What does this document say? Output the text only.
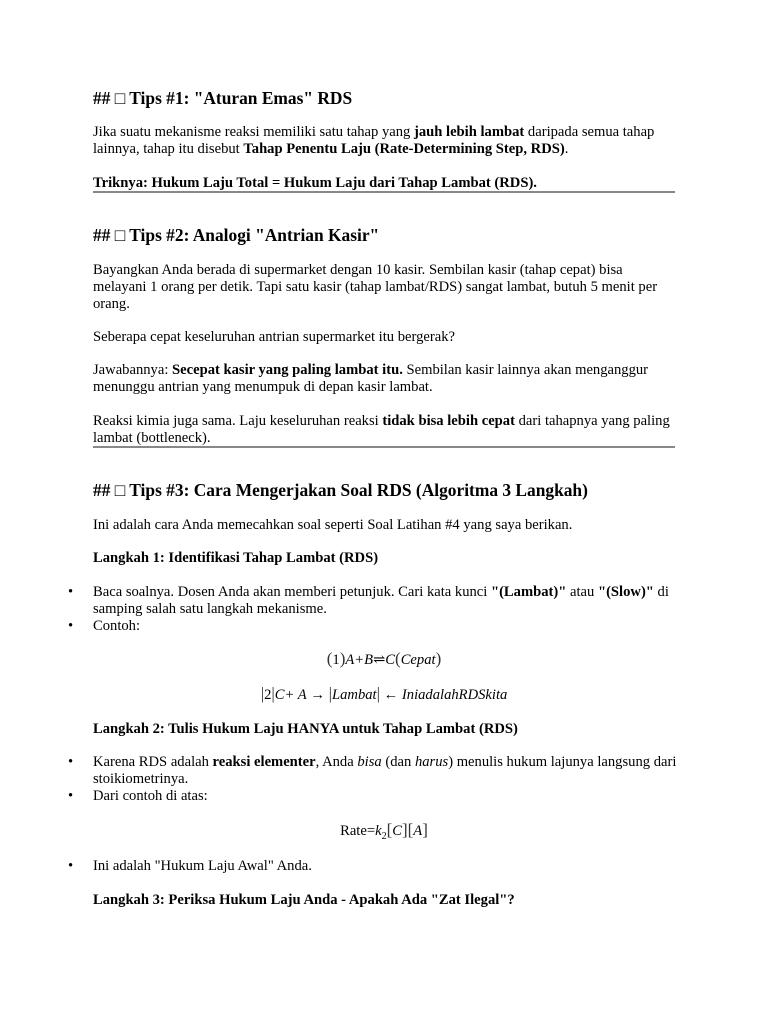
## □ Tips #1: "Aturan Emas" RDS

Jika suatu mekanisme reaksi memiliki satu tahap yang jauh lebih lambat daripada semua tahap lainnya, tahap itu disebut Tahap Penentu Laju (Rate-Determining Step, RDS).

Triknya: Hukum Laju Total = Hukum Laju dari Tahap Lambat (RDS).

## □ Tips #2: Analogi "Antrian Kasir"

Bayangkan Anda berada di supermarket dengan 10 kasir. Sembilan kasir (tahap cepat) bisa melayani 1 orang per detik. Tapi satu kasir (tahap lambat/RDS) sangat lambat, butuh 5 menit per orang.

Seberapa cepat keseluruhan antrian supermarket itu bergerak?

Jawabannya: Secepat kasir yang paling lambat itu. Sembilan kasir lainnya akan menganggur menunggu antrian yang menumpuk di depan kasir lambat.

Reaksi kimia juga sama. Laju keseluruhan reaksi tidak bisa lebih cepat dari tahapnya yang paling lambat (bottleneck).

## □ Tips #3: Cara Mengerjakan Soal RDS (Algoritma 3 Langkah)

Ini adalah cara Anda memecahkan soal seperti Soal Latihan #4 yang saya berikan.

Langkah 1: Identifikasi Tahap Lambat (RDS)

• Baca soalnya. Dosen Anda akan memberi petunjuk. Cari kata kunci "(Lambat)" atau "(Slow)" di samping salah satu langkah mekanisme.
• Contoh:
(1)A+B⇌C(Cepat)
|2|C+ A → |Lambat| ← IniadalahRDSkita

Langkah 2: Tulis Hukum Laju HANYA untuk Tahap Lambat (RDS)

• Karena RDS adalah reaksi elementer, Anda bisa (dan harus) menulis hukum lajunya langsung dari stoikiometrinya.
• Dari contoh di atas:
$Rate=k_2[C][A]$
• Ini adalah "Hukum Laju Awal" Anda.

Langkah 3: Periksa Hukum Laju Anda - Apakah Ada "Zat Ilegal"?
